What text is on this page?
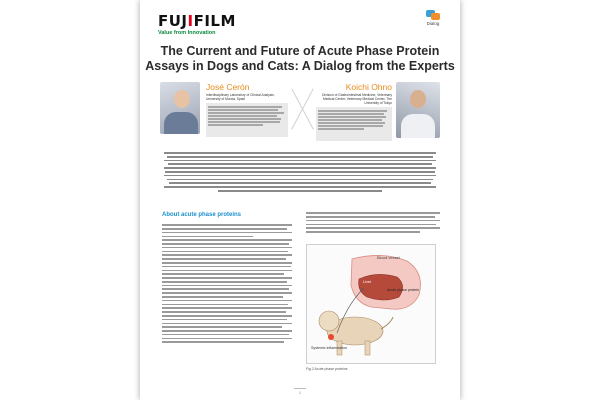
FUJIFILM
Value from Innovation
Dialog
The Current and Future of Acute Phase Protein
Assays in Dogs and Cats: A Dialog from the Experts
José Cerón
Interdisciplinary Laboratory of Clinical Analysis, University of Murcia, Spain
Koichi Ohno
Division of Gastrointestinal Medicine, Veterinary Medical Center, Veterinary Medical Center, The University of Tokyo
About acute phase proteins
Blood vessel
Liver
Acute phase protein
Systemic inflammation
Fig.2 Acute phase proteins
1
